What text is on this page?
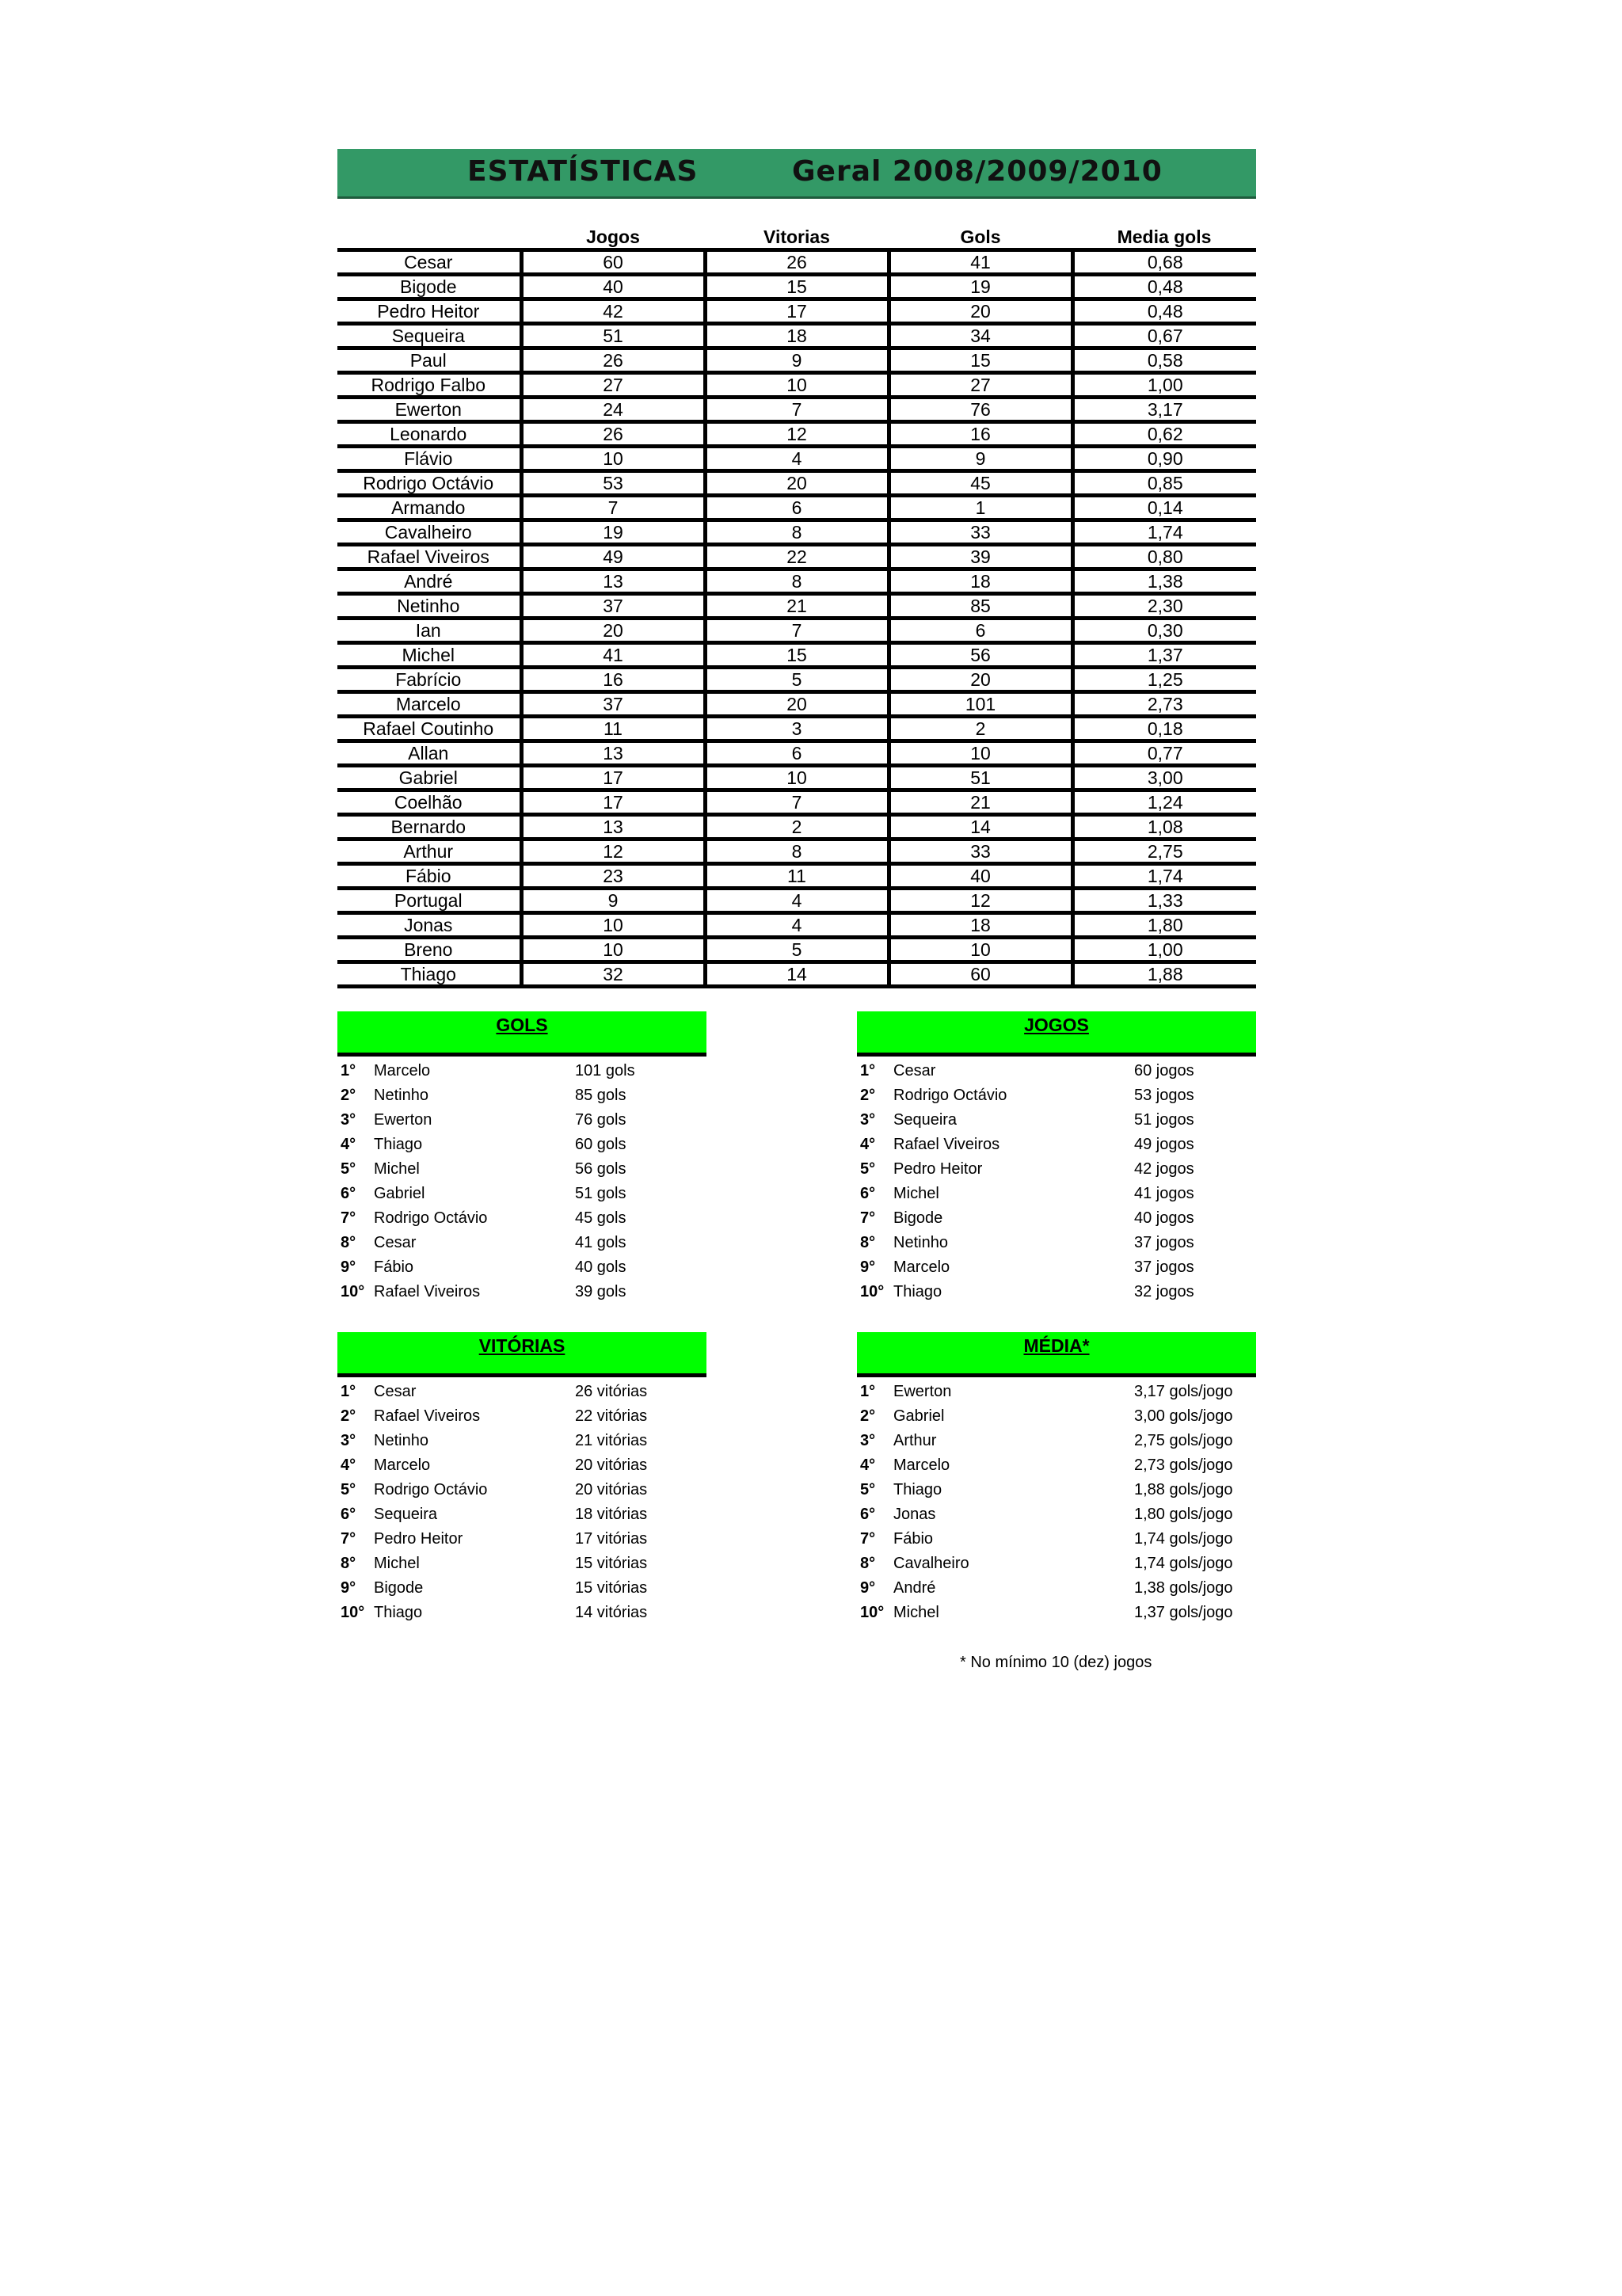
ESTATÍSTICAS	Geral 2008/2009/2010
	Jogos	Vitorias	Gols	Media gols
Cesar	60	26	41	0,68
Bigode	40	15	19	0,48
Pedro Heitor	42	17	20	0,48
Sequeira	51	18	34	0,67
Paul	26	9	15	0,58
Rodrigo Falbo	27	10	27	1,00
Ewerton	24	7	76	3,17
Leonardo	26	12	16	0,62
Flávio	10	4	9	0,90
Rodrigo Octávio	53	20	45	0,85
Armando	7	6	1	0,14
Cavalheiro	19	8	33	1,74
Rafael Viveiros	49	22	39	0,80
André	13	8	18	1,38
Netinho	37	21	85	2,30
Ian	20	7	6	0,30
Michel	41	15	56	1,37
Fabrício	16	5	20	1,25
Marcelo	37	20	101	2,73
Rafael Coutinho	11	3	2	0,18
Allan	13	6	10	0,77
Gabriel	17	10	51	3,00
Coelhão	17	7	21	1,24
Bernardo	13	2	14	1,08
Arthur	12	8	33	2,75
Fábio	23	11	40	1,74
Portugal	9	4	12	1,33
Jonas	10	4	18	1,80
Breno	10	5	10	1,00
Thiago	32	14	60	1,88
GOLS
1° Marcelo	101 gols
2° Netinho	85 gols
3° Ewerton	76 gols
4° Thiago	60 gols
5° Michel	56 gols
6° Gabriel	51 gols
7° Rodrigo Octávio	45 gols
8° Cesar	41 gols
9° Fábio	40 gols
10° Rafael Viveiros	39 gols
JOGOS
1° Cesar	60 jogos
2° Rodrigo Octávio	53 jogos
3° Sequeira	51 jogos
4° Rafael Viveiros	49 jogos
5° Pedro Heitor	42 jogos
6° Michel	41 jogos
7° Bigode	40 jogos
8° Netinho	37 jogos
9° Marcelo	37 jogos
10° Thiago	32 jogos
VITÓRIAS
1° Cesar	26 vitórias
2° Rafael Viveiros	22 vitórias
3° Netinho	21 vitórias
4° Marcelo	20 vitórias
5° Rodrigo Octávio	20 vitórias
6° Sequeira	18 vitórias
7° Pedro Heitor	17 vitórias
8° Michel	15 vitórias
9° Bigode	15 vitórias
10° Thiago	14 vitórias
MÉDIA*
1° Ewerton	3,17 gols/jogo
2° Gabriel	3,00 gols/jogo
3° Arthur	2,75 gols/jogo
4° Marcelo	2,73 gols/jogo
5° Thiago	1,88 gols/jogo
6° Jonas	1,80 gols/jogo
7° Fábio	1,74 gols/jogo
8° Cavalheiro	1,74 gols/jogo
9° André	1,38 gols/jogo
10° Michel	1,37 gols/jogo
* No mínimo 10 (dez) jogos
